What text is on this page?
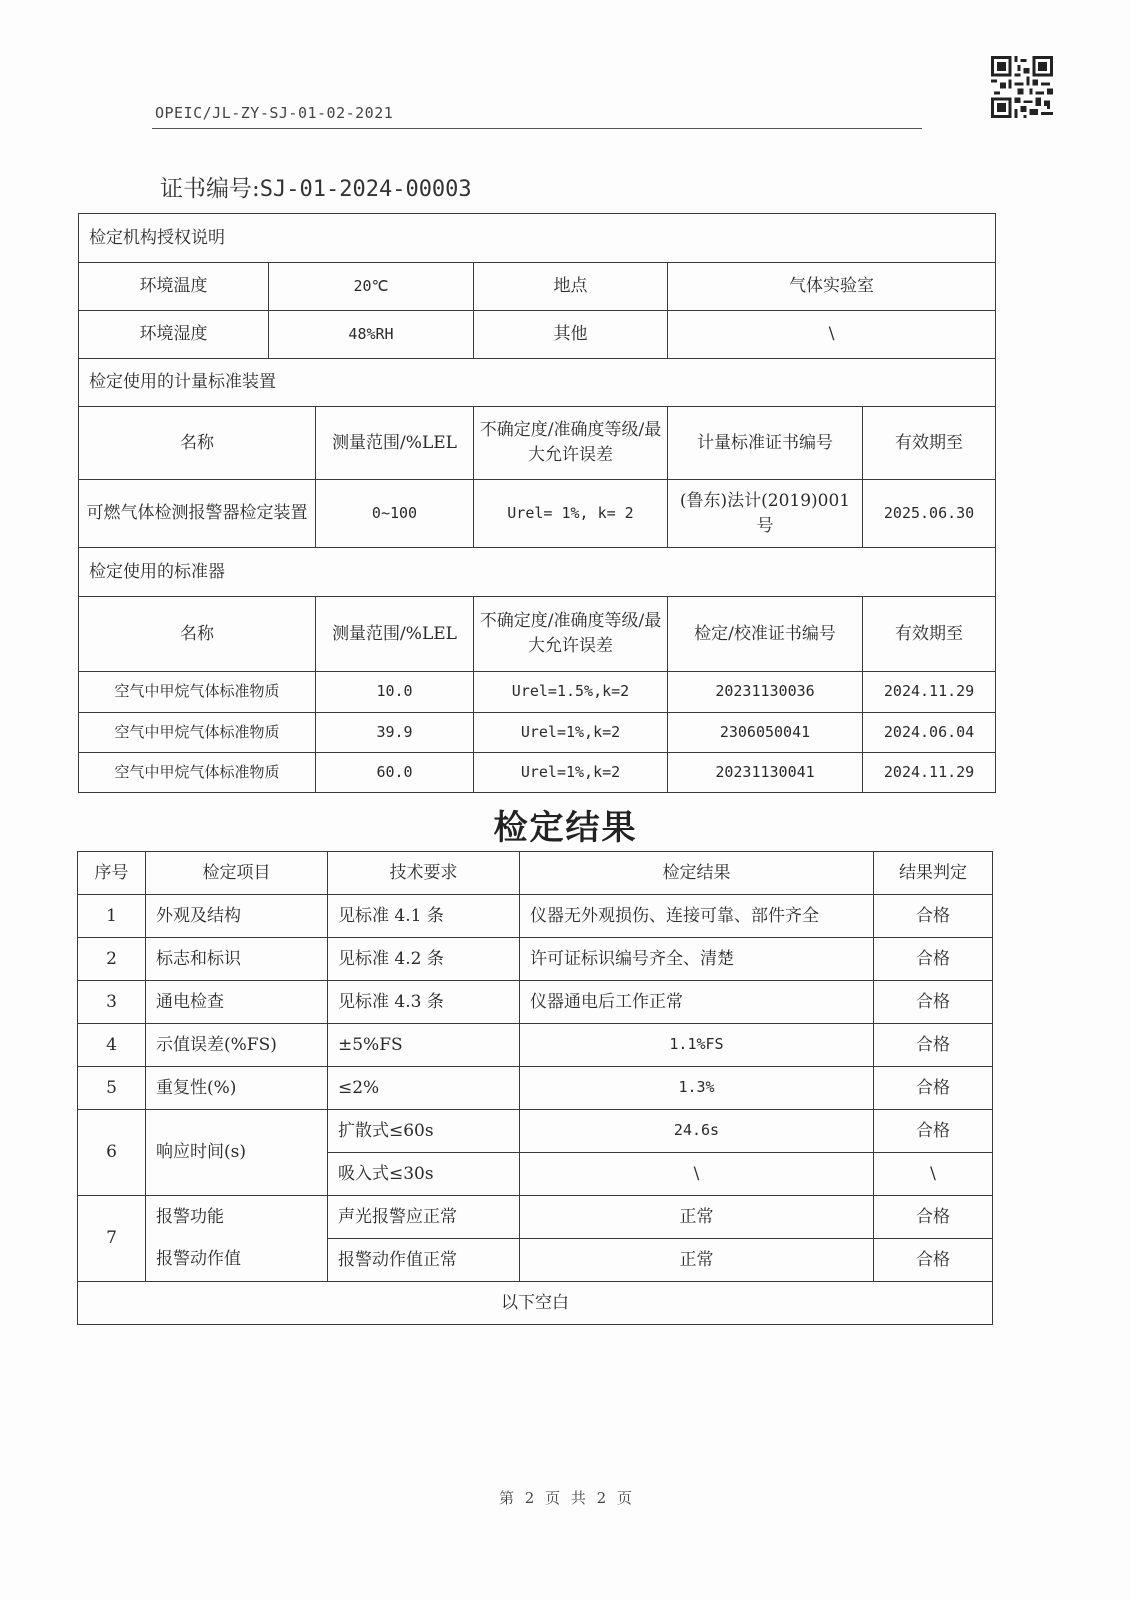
OPEIC/JL-ZY-SJ-01-02-2021
证书编号:SJ-01-2024-00003
检定机构授权说明					
环境温度	20℃		地点	气体实验室	
环境湿度	48%RH		其他	\	
检定使用的计量标准装置					
名称		测量范围/%LEL	不确定度/准确度等级/最大允许误差	计量标准证书编号	有效期至
可燃气体检测报警器检定装置		0~100	Urel= 1%, k= 2	(鲁东)法计(2019)001号	2025.06.30
检定使用的标准器					
名称		测量范围/%LEL	不确定度/准确度等级/最大允许误差	检定/校准证书编号	有效期至
空气中甲烷气体标准物质		10.0	Urel=1.5%,k=2	20231130036	2024.11.29
空气中甲烷气体标准物质		39.9	Urel=1%,k=2	2306050041	2024.06.04
空气中甲烷气体标准物质		60.0	Urel=1%,k=2	20231130041	2024.11.29
检定结果
序号	检定项目	技术要求	检定结果	结果判定
1	外观及结构	见标准 4.1 条	仪器无外观损伤、连接可靠、部件齐全	合格
2	标志和标识	见标准 4.2 条	许可证标识编号齐全、清楚	合格
3	通电检查	见标准 4.3 条	仪器通电后工作正常	合格
4	示值误差(%FS)	±5%FS	1.1%FS	合格
5	重复性(%)	≤2%	1.3%	合格
6	响应时间(s)	扩散式≤60s	24.6s	合格
		吸入式≤30s	\	\
7	报警功能	声光报警应正常	正常	合格
	报警动作值	报警动作值正常	正常	合格
以下空白				
第 2 页 共 2 页
